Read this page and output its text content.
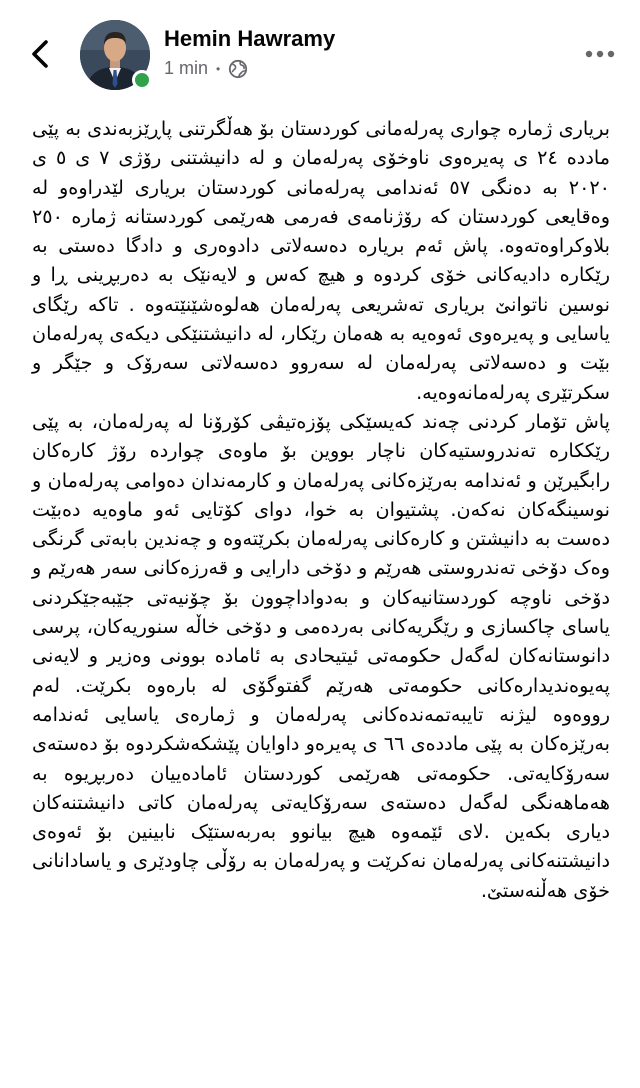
Hemin Hawramy
1 min •

بریاری ژمارە چواری پەرلەمانی کوردستان بۆ هەڵگرتنی پاڕێزبەندی بە پێی ماددە ٢٤ ی پەیرەوی ناوخۆی پەرلەمان و لە دانیشتنی رۆژی ٧ ی ٥ ی ٢٠٢٠ بە دەنگی ٥٧ ئەندامی پەرلەمانی کوردستان بریاری لێدراوەو لە وەقایعی کوردستان کە رۆژنامەی فەرمی هەرێمی کوردستانە ژمارە ٢٥٠ بلاوکراوەتەوە. پاش ئەم بریارە دەسەلاتی دادوەری و دادگا دەستی بە رێکارە دادیەکانی خۆی کردوە و هیچ کەس و لایەنێک بە دەربڕینی ڕا و نوسین ناتوانێ بریاری تەشریعی پەرلەمان هەلوەشێنێتەوە . تاکە رێگای یاسایی و پەیرەوی ئەوەیە بە هەمان رێکار، لە دانیشتنێکی دیکەی پەرلەمان بێت و دەسەلاتی پەرلەمان لە سەروو دەسەلاتی سەرۆک و جێگر و سکرتێری پەرلەمانەوەیە.

پاش تۆمار کردنی چەند کەیسێکی پۆزەتیڤی کۆرۆنا لە پەرلەمان، بە پێی رێککارە تەندروستیەکان ناچار بووین بۆ ماوەی چواردە رۆژ کارەکان رابگیرێن و ئەندامە بەرێزەکانی پەرلەمان و کارمەندان دەوامی پەرلەمان و نوسینگەکان نەکەن. پشتیوان بە خوا، دوای کۆتایی ئەو ماوەیە دەبێت دەست بە دانیشتن و کارەکانی پەرلەمان بکرێتەوە و چەندین بابەتی گرنگی وەک دۆخی تەندروستی هەرێم و دۆخی دارایی و قەرزەکانی سەر هەرێم و دۆخی ناوچە کوردستانیەکان و بەدواداچوون بۆ چۆنیەتی جێبەجێکردنی یاسای چاکسازی و رێگریەکانی بەردەمی و دۆخی خاڵە سنوریەکان، پرسی دانوستانەکان لەگەل حکومەتی ئیتیحادی بە ئامادە بوونی وەزیر و لایەنی پەیوەندیدارەکانی حکومەتی هەرێم گفتوگۆی لە بارەوە بکرێت. لەم رووەوە لیژنە تایبەتمەندەکانی پەرلەمان و ژمارەی یاسایی ئەندامە بەرێزەکان بە پێی ماددەی ٦٦ ی پەیرەو داوایان پێشکەشکردوە بۆ دەستەی سەرۆکایەتی. حکومەتی هەرێمی کوردستان ئامادەییان دەربڕیوە بە هەماهەنگی لەگەل دەستەی سەرۆکایەتی پەرلەمان کاتی دانیشتنەکان دیاری بکەین .لای ئێمەوە هیچ بیانوو بەربەستێک نابینین بۆ ئەوەی دانیشتنەکانی پەرلەمان نەکرێت و پەرلەمان بە رۆڵی چاودێری و یاسادانانی خۆی هەڵنەستێ.
